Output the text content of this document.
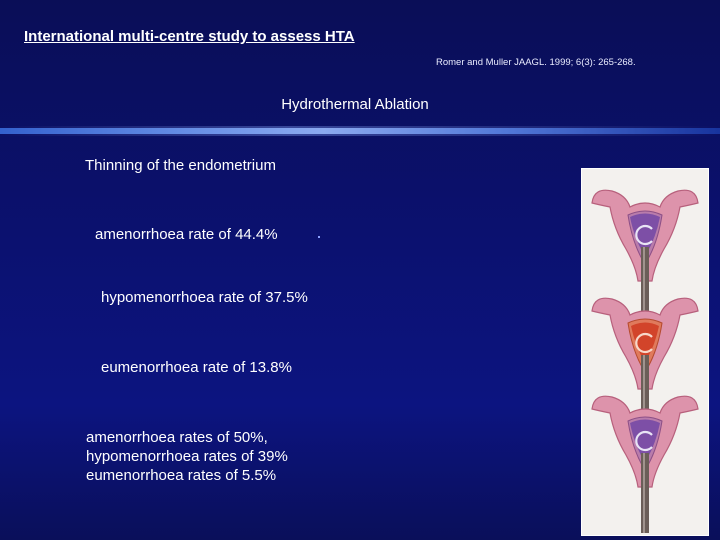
International multi-centre study to assess HTA
Romer and Muller JAAGL. 1999; 6(3): 265-268.
Hydrothermal Ablation
Thinning of the endometrium
amenorrhoea rate of 44.4%
hypomenorrhoea rate of 37.5%
eumenorrhoea rate of 13.8%
amenorrhoea rates of 50%,
hypomenorrhoea rates of 39%
eumenorrhoea rates of 5.5%
